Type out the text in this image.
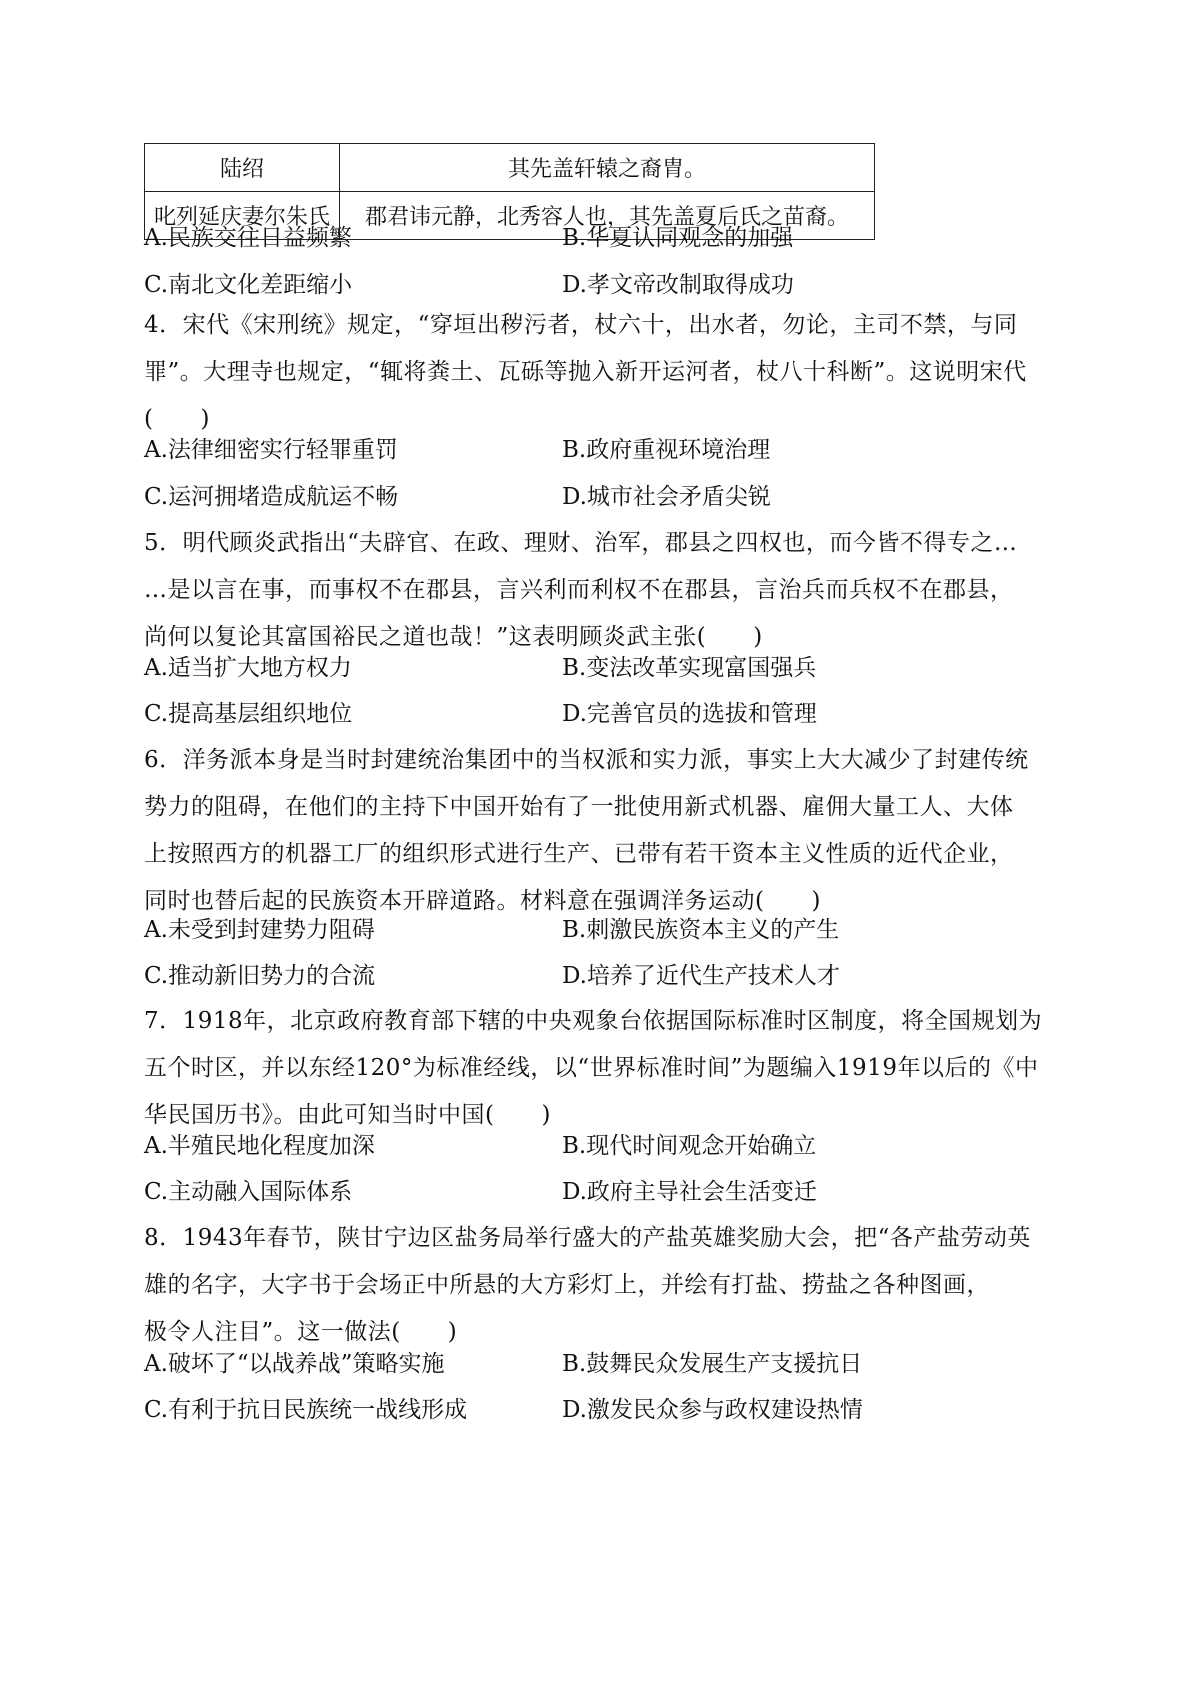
陆绍	其先盖轩辕之裔胄。
叱列延庆妻尔朱氏	郡君讳元静，北秀容人也，其先盖夏后氏之苗裔。
A.民族交往日益频繁	B.华夏认同观念的加强
C.南北文化差距缩小	D.孝文帝改制取得成功
4．宋代《宋刑统》规定，“穿垣出秽污者，杖六十，出水者，勿论，主司不禁，与同
罪”。大理寺也规定，“辄将粪土、瓦砾等抛入新开运河者，杖八十科断”。这说明宋代
(　　)
A.法律细密实行轻罪重罚	B.政府重视环境治理
C.运河拥堵造成航运不畅	D.城市社会矛盾尖锐
5．明代顾炎武指出“夫辟官、在政、理财、治军，郡县之四权也，而今皆不得专之…
…是以言在事，而事权不在郡县，言兴利而利权不在郡县，言治兵而兵权不在郡县，
尚何以复论其富国裕民之道也哉！”这表明顾炎武主张(　　)
A.适当扩大地方权力	B.变法改革实现富国强兵
C.提高基层组织地位	D.完善官员的选拔和管理
6．洋务派本身是当时封建统治集团中的当权派和实力派，事实上大大减少了封建传统
势力的阻碍，在他们的主持下中国开始有了一批使用新式机器、雇佣大量工人、大体
上按照西方的机器工厂的组织形式进行生产、已带有若干资本主义性质的近代企业，
同时也替后起的民族资本开辟道路。材料意在强调洋务运动(　　)
A.未受到封建势力阻碍	B.刺激民族资本主义的产生
C.推动新旧势力的合流	D.培养了近代生产技术人才
7．1918年，北京政府教育部下辖的中央观象台依据国际标准时区制度，将全国规划为
五个时区，并以东经120°为标准经线，以“世界标准时间”为题编入1919年以后的《中
华民国历书》。由此可知当时中国(　　)
A.半殖民地化程度加深	B.现代时间观念开始确立
C.主动融入国际体系	D.政府主导社会生活变迁
8．1943年春节，陕甘宁边区盐务局举行盛大的产盐英雄奖励大会，把“各产盐劳动英
雄的名字，大字书于会场正中所悬的大方彩灯上，并绘有打盐、捞盐之各种图画，
极令人注目”。这一做法(　　)
A.破坏了“以战养战”策略实施	B.鼓舞民众发展生产支援抗日
C.有利于抗日民族统一战线形成	D.激发民众参与政权建设热情
